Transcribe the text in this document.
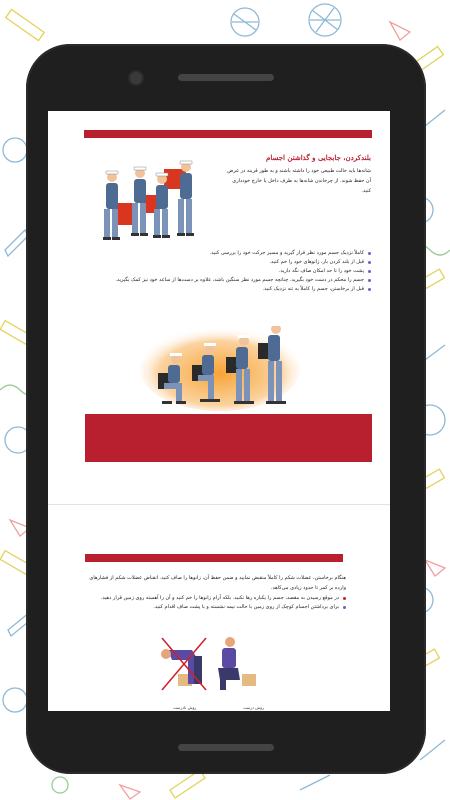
بلندکردن، جابجایی و گذاشتن اجسام
شانه‌ها باید حالت طبیعی خود را داشته باشند و به طور قرینه در عرض آن حفظ شوند. از چرخاندن شانه‌ها به طرف داخل یا خارج خودداری کنید.
کاملاً نزدیک جسم مورد نظر قرار گیرید و مسیر حرکت خود را بررسی کنید.
قبل از بلند کردن بار، زانوهای خود را خم کنید.
پشت خود را تا حد امکان صاف نگه دارید.
جسم را محکم در دست خود بگیرید. چنانچه جسم مورد نظر سنگین باشد، علاوه بر دست‌ها از ساعد خود نیز کمک بگیرید.
قبل از برخاستن، جسم را کاملاً به تنه نزدیک کنید.
هنگام برخاستن، عضلات شکم را کاملاً منقبض نمایید و ضمن حفظ آن، زانوها را صاف کنید. انقباض عضلات شکم از فشارهای وارده بر کمر تا حدود زیادی می‌کاهد.
در موقع رسیدن به مقصد، جسم را یکباره رها نکنید. بلکه آرام زانوها را خم کنید و آن را آهسته روی زمین قرار دهید.
برای برداشتن اجسام کوچک از روی زمین با حالت نیمه نشسته و با پشت صاف اقدام کنید.
روش نادرست	روش درست
